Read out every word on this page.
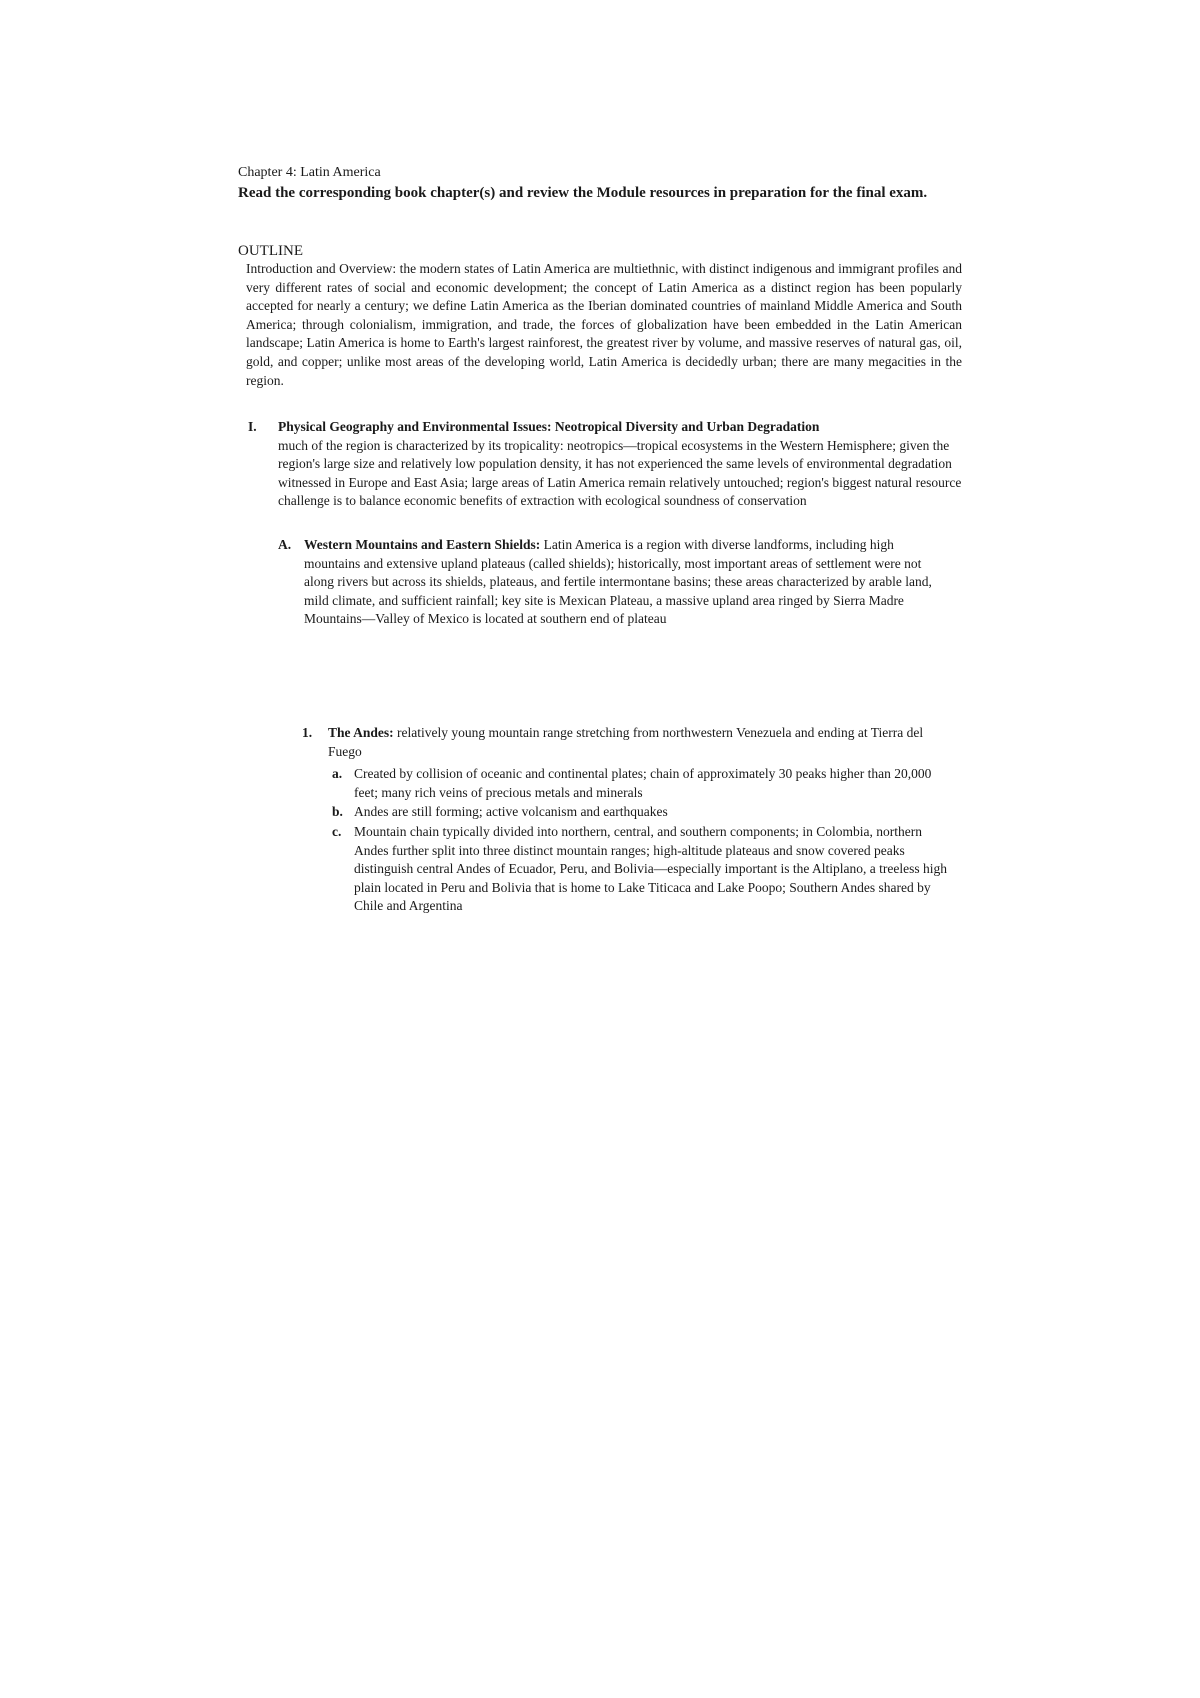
Chapter 4: Latin America
Read the corresponding book chapter(s) and review the Module resources in preparation for the final exam.
OUTLINE
Introduction and Overview: the modern states of Latin America are multiethnic, with distinct indigenous and immigrant profiles and very different rates of social and economic development; the concept of Latin America as a distinct region has been popularly accepted for nearly a century; we define Latin America as the Iberian dominated countries of mainland Middle America and South America; through colonialism, immigration, and trade, the forces of globalization have been embedded in the Latin American landscape; Latin America is home to Earth's largest rainforest, the greatest river by volume, and massive reserves of natural gas, oil, gold, and copper; unlike most areas of the developing world, Latin America is decidedly urban; there are many megacities in the region.
I. Physical Geography and Environmental Issues: Neotropical Diversity and Urban Degradation
much of the region is characterized by its tropicality: neotropics—tropical ecosystems in the Western Hemisphere; given the region's large size and relatively low population density, it has not experienced the same levels of environmental degradation witnessed in Europe and East Asia; large areas of Latin America remain relatively untouched; region's biggest natural resource challenge is to balance economic benefits of extraction with ecological soundness of conservation
A. Western Mountains and Eastern Shields: Latin America is a region with diverse landforms, including high mountains and extensive upland plateaus (called shields); historically, most important areas of settlement were not along rivers but across its shields, plateaus, and fertile intermontane basins; these areas characterized by arable land, mild climate, and sufficient rainfall; key site is Mexican Plateau, a massive upland area ringed by Sierra Madre Mountains—Valley of Mexico is located at southern end of plateau
1. The Andes: relatively young mountain range stretching from northwestern Venezuela and ending at Tierra del Fuego
a. Created by collision of oceanic and continental plates; chain of approximately 30 peaks higher than 20,000 feet; many rich veins of precious metals and minerals
b. Andes are still forming; active volcanism and earthquakes
c. Mountain chain typically divided into northern, central, and southern components; in Colombia, northern Andes further split into three distinct mountain ranges; high-altitude plateaus and snow covered peaks distinguish central Andes of Ecuador, Peru, and Bolivia—especially important is the Altiplano, a treeless high plain located in Peru and Bolivia that is home to Lake Titicaca and Lake Poopo; Southern Andes shared by Chile and Argentina
